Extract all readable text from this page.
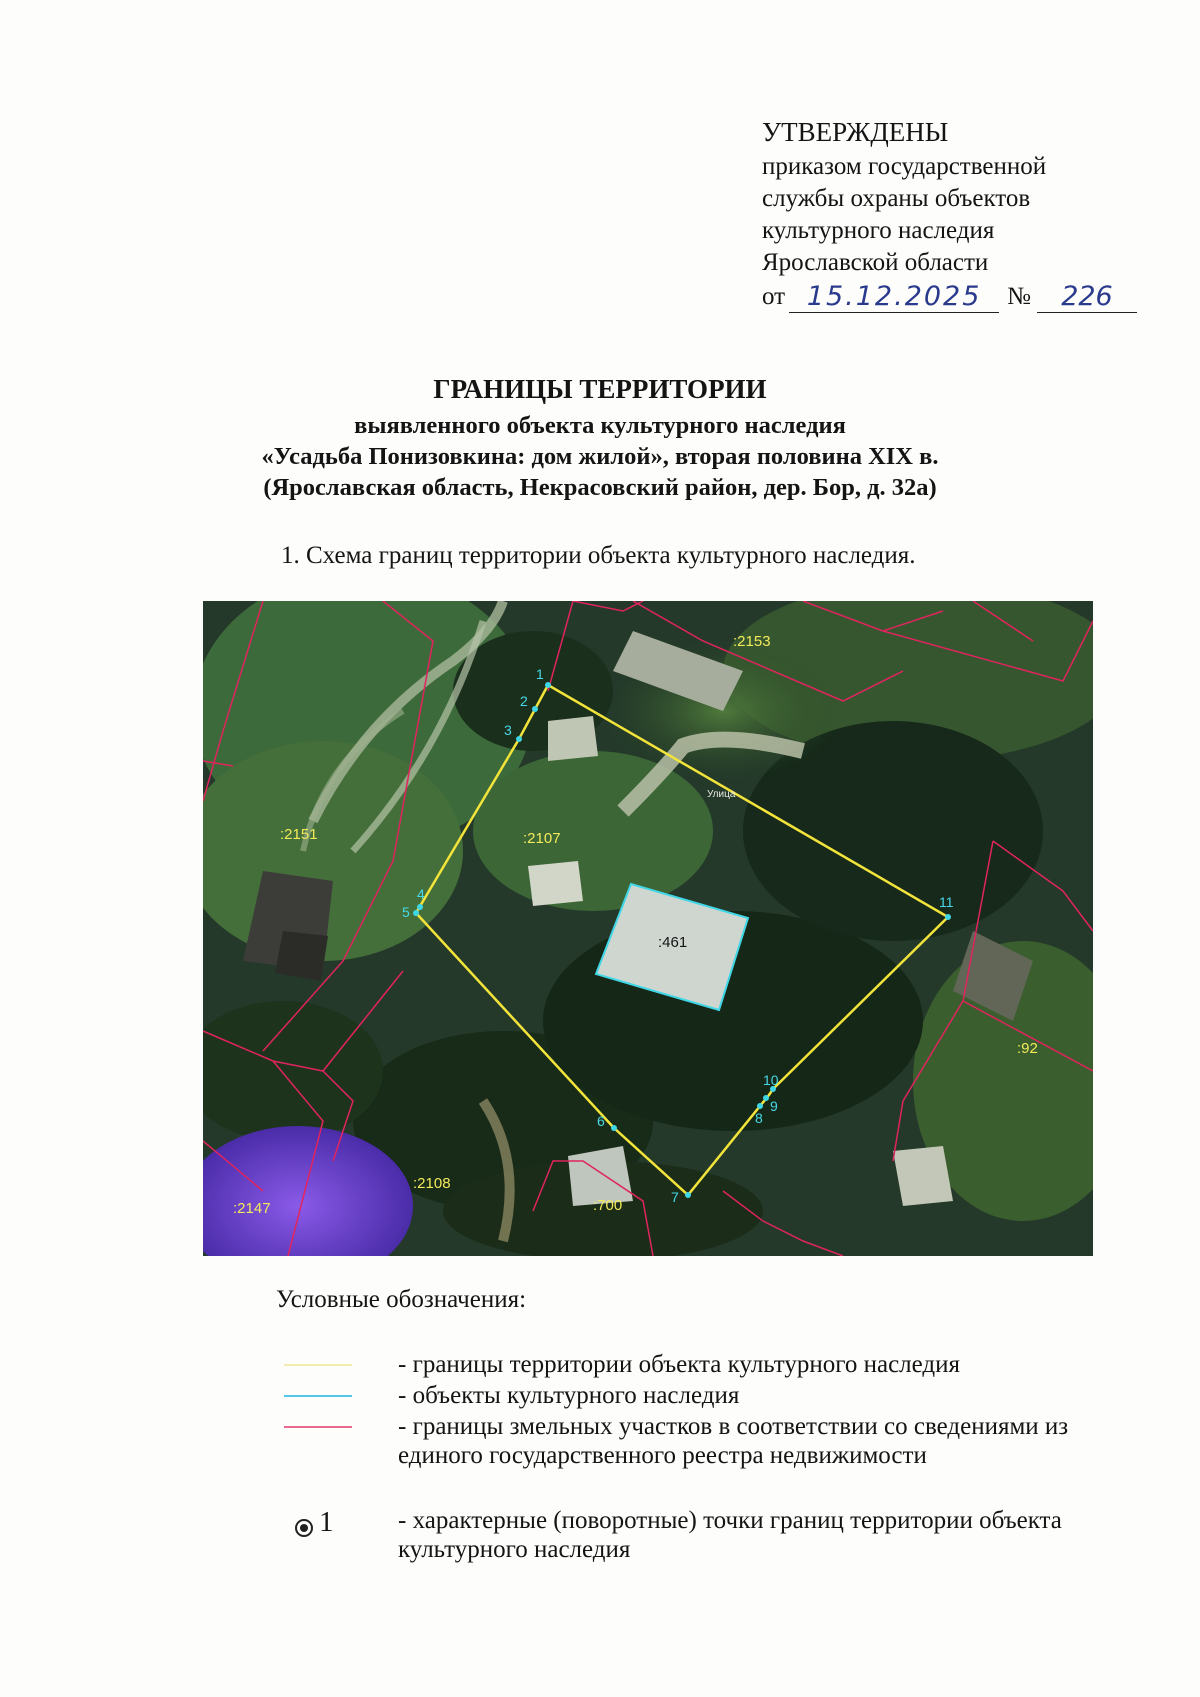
УТВЕРЖДЕНЫ
приказом государственной
службы охраны объектов
культурного наследия
Ярославской области
от 15.12.2025	№	226
ГРАНИЦЫ ТЕРРИТОРИИ
выявленного объекта культурного наследия
«Усадьба Понизовкина: дом жилой», вторая половина XIX в.
(Ярославская область, Некрасовский район, дер. Бор, д. 32а)
1. Схема границ территории объекта культурного наследия.
1
2
3
4
5
6
7
8
9
10
11
:2153
:2151	:2107
:92
:2108
:2147	:700
:461
Улица
Условные обозначения:
- границы территории объекта культурного наследия
- объекты культурного наследия
- границы змельных участков в соответствии со сведениями из единого государственного реестра недвижимости
1	- характерные (поворотные) точки границ территории объекта культурного наследия
